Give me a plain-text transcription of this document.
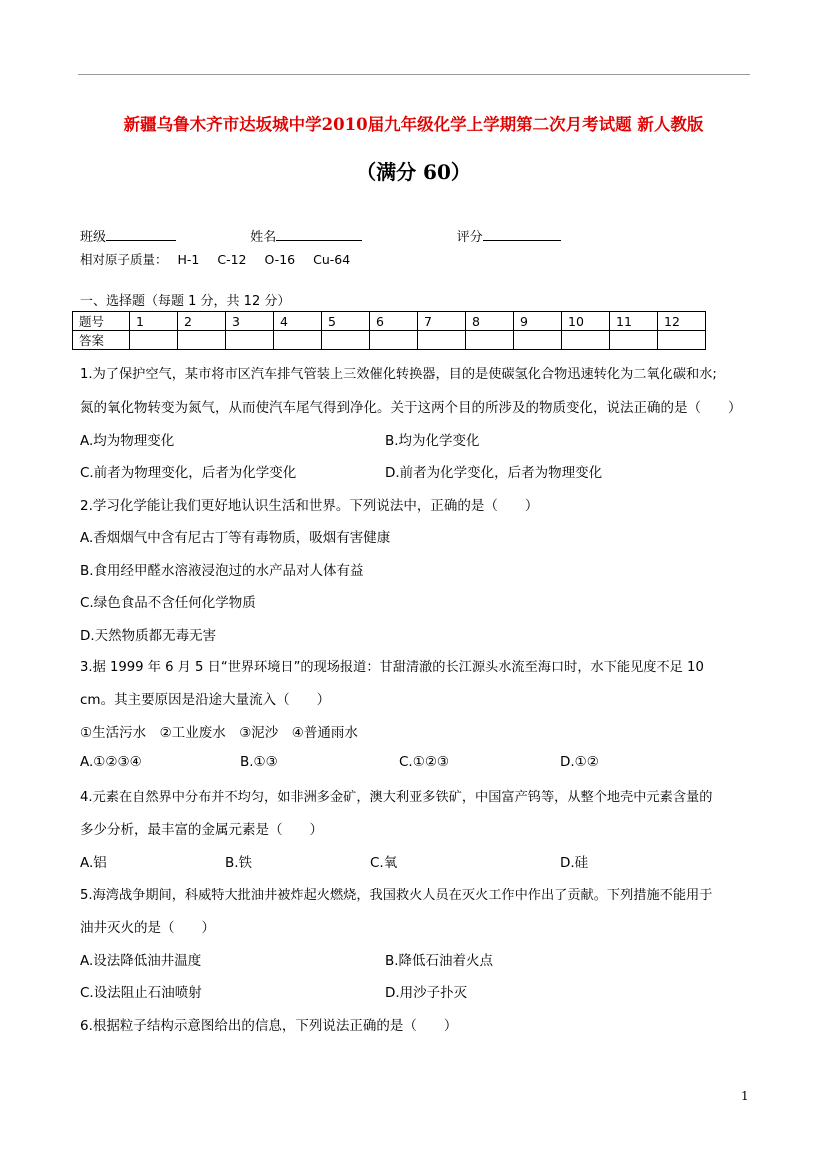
新疆乌鲁木齐市达坂城中学2010届九年级化学上学期第二次月考试题 新人教版
（满分 60）
班级	姓名	评分
相对原子质量： H-1 C-12 O-16 Cu-64
一、选择题（每题 1 分，共 12 分）
题号	1	2	3	4	5	6	7	8	9	10	11	12
答案												
1.为了保护空气，某市将市区汽车排气管装上三效催化转换器，目的是使碳氢化合物迅速转化为二氧化碳和水;
氮的氧化物转变为氮气，从而使汽车尾气得到净化。关于这两个目的所涉及的物质变化，说法正确的是（　　）
A.均为物理变化	B.均为化学变化
C.前者为物理变化，后者为化学变化	D.前者为化学变化，后者为物理变化
2.学习化学能让我们更好地认识生活和世界。下列说法中，正确的是（　　）
A.香烟烟气中含有尼古丁等有毒物质，吸烟有害健康
B.食用经甲醛水溶液浸泡过的水产品对人体有益
C.绿色食品不含任何化学物质
D.天然物质都无毒无害
3.据 1999 年 6 月 5 日“世界环境日”的现场报道：甘甜清澈的长江源头水流至海口时，水下能见度不足 10
cm。其主要原因是沿途大量流入（　　）
①生活污水　②工业废水　③泥沙　④普通雨水
A.①②③④	B.①③	C.①②③	D.①②
4.元素在自然界中分布并不均匀，如非洲多金矿，澳大利亚多铁矿，中国富产钨等，从整个地壳中元素含量的
多少分析，最丰富的金属元素是（　　）
A.铝	B.铁	C.氧	D.硅
5.海湾战争期间，科威特大批油井被炸起火燃烧，我国救火人员在灭火工作中作出了贡献。下列措施不能用于
油井灭火的是（　　）
A.设法降低油井温度	B.降低石油着火点
C.设法阻止石油喷射	D.用沙子扑灭
6.根据粒子结构示意图给出的信息，下列说法正确的是（　　）
1
